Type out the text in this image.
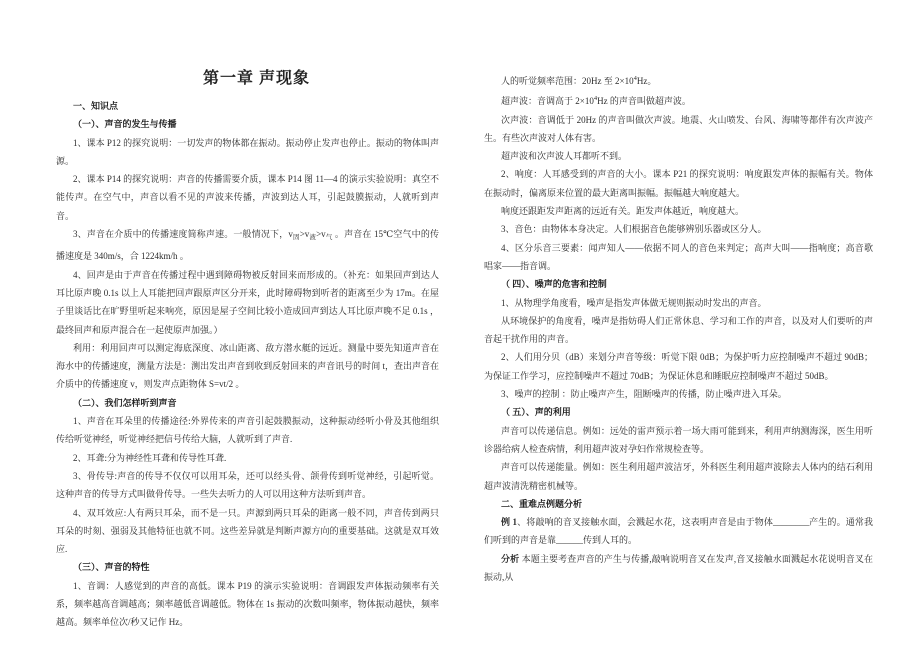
第一章 声现象

一、知识点

（一）、声音的发生与传播

1、课本 P12 的探究说明：一切发声的物体都在振动。振动停止发声也停止。振动的物体叫声源。

2、课本 P14 的探究说明：声音的传播需要介质，课本 P14 图 11—4 的演示实验说明：真空不能传声。在空气中，声音以看不见的声波来传播，声波到达人耳，引起鼓膜振动，人就听到声音。

3、声音在介质中的传播速度简称声速。一般情况下，$v_固>v_液>v_气$ 。声音在 15℃空气中的传播速度是 340m/s，合 1224km/h 。

4、回声是由于声音在传播过程中遇到障碍物被反射回来而形成的。（补充：如果回声到达人耳比原声晚 0.1s 以上人耳能把回声跟原声区分开来，此时障碍物到听者的距离至少为 17m。在屋子里谈话比在旷野里听起来响亮，原因是屋子空间比较小造成回声到达人耳比原声晚不足 0.1s ，最终回声和原声混合在一起使原声加强。）

利用：利用回声可以测定海底深度、冰山距离、敌方潜水艇的远近。测量中要先知道声音在海水中的传播速度，测量方法是：测出发出声音到收到反射回来的声音讯号的时间 t，查出声音在介质中的传播速度 v，则发声点距物体 S=vt/2 。

（二）、我们怎样听到声音

1、声音在耳朵里的传播途径:外界传来的声音引起鼓膜振动，这种振动经听小骨及其他组织传给听觉神经，听觉神经把信号传给大脑，人就听到了声音.

2、耳聋:分为神经性耳聋和传导性耳聋.

3、骨传导:声音的传导不仅仅可以用耳朵，还可以经头骨、颌骨传到听觉神经，引起听觉。这种声音的传导方式叫做骨传导。一些失去听力的人可以用这种方法听到声音。

4、双耳效应:人有两只耳朵，而不是一只。声源到两只耳朵的距离一般不同，声音传到两只耳朵的时刻、强弱及其他特征也就不同。这些差异就是判断声源方向的重要基础。这就是双耳效应.

（三）、声音的特性

1、音调：人感觉到的声音的高低。课本 P19 的演示实验说明：音调跟发声体振动频率有关系，频率越高音调越高；频率越低音调越低。物体在 1s 振动的次数叫频率，物体振动越快，频率越高。频率单位次/秒又记作 Hz。

人的听觉频率范围：20Hz 至 $2\times 10^4Hz$。

超声波：音调高于 $2\times 10^4Hz$ 的声音叫做超声波。

次声波：音调低于 20Hz 的声音叫做次声波。地震、火山喷发、台风、海啸等都伴有次声波产生。有些次声波对人体有害。

超声波和次声波人耳都听不到。

2、响度：人耳感受到的声音的大小。课本 P21 的探究说明：响度跟发声体的振幅有关。物体在振动时，偏离原来位置的最大距离叫振幅。振幅越大响度越大。

响度还跟距发声距离的远近有关。距发声体越近，响度越大。

3、音色：由物体本身决定。人们根据音色能够辨别乐器或区分人。

4、区分乐音三要素：闻声知人——依据不同人的音色来判定；高声大叫——指响度；高音歌唱家——指音调。

（ 四）、噪声的危害和控制

1、从物理学角度看，噪声是指发声体做无规则振动时发出的声音。

从环境保护的角度看，噪声是指妨碍人们正常休息、学习和工作的声音，以及对人们要听的声音起干扰作用的声音。

2、人们用分贝（dB）来划分声音等级：听觉下限 0dB；为保护听力应控制噪声不超过 90dB；为保证工作学习，应控制噪声不超过 70dB；为保证休息和睡眠应控制噪声不超过 50dB。

3、噪声的控制 ：防止噪声产生，阻断噪声的传播，防止噪声进入耳朵。

（ 五）、声的利用

声音可以传递信息。例如：远处的雷声预示着一场大雨可能到来，利用声纳测海深，医生用听诊器给病人检查病情，利用超声波对孕妇作常规检查等。

声音可以传递能量。例如：医生利用超声波洁牙，外科医生利用超声波除去人体内的结石利用超声波清洗精密机械等。

二、重难点例题分析

例 1、将敲响的音叉接触水面，会溅起水花，这表明声音是由于物体________产生的。通常我们听到的声音是靠______传到人耳的。

分析 本题主要考查声音的产生与传播,敲响说明音叉在发声,音叉接触水面溅起水花说明音叉在振动,从
